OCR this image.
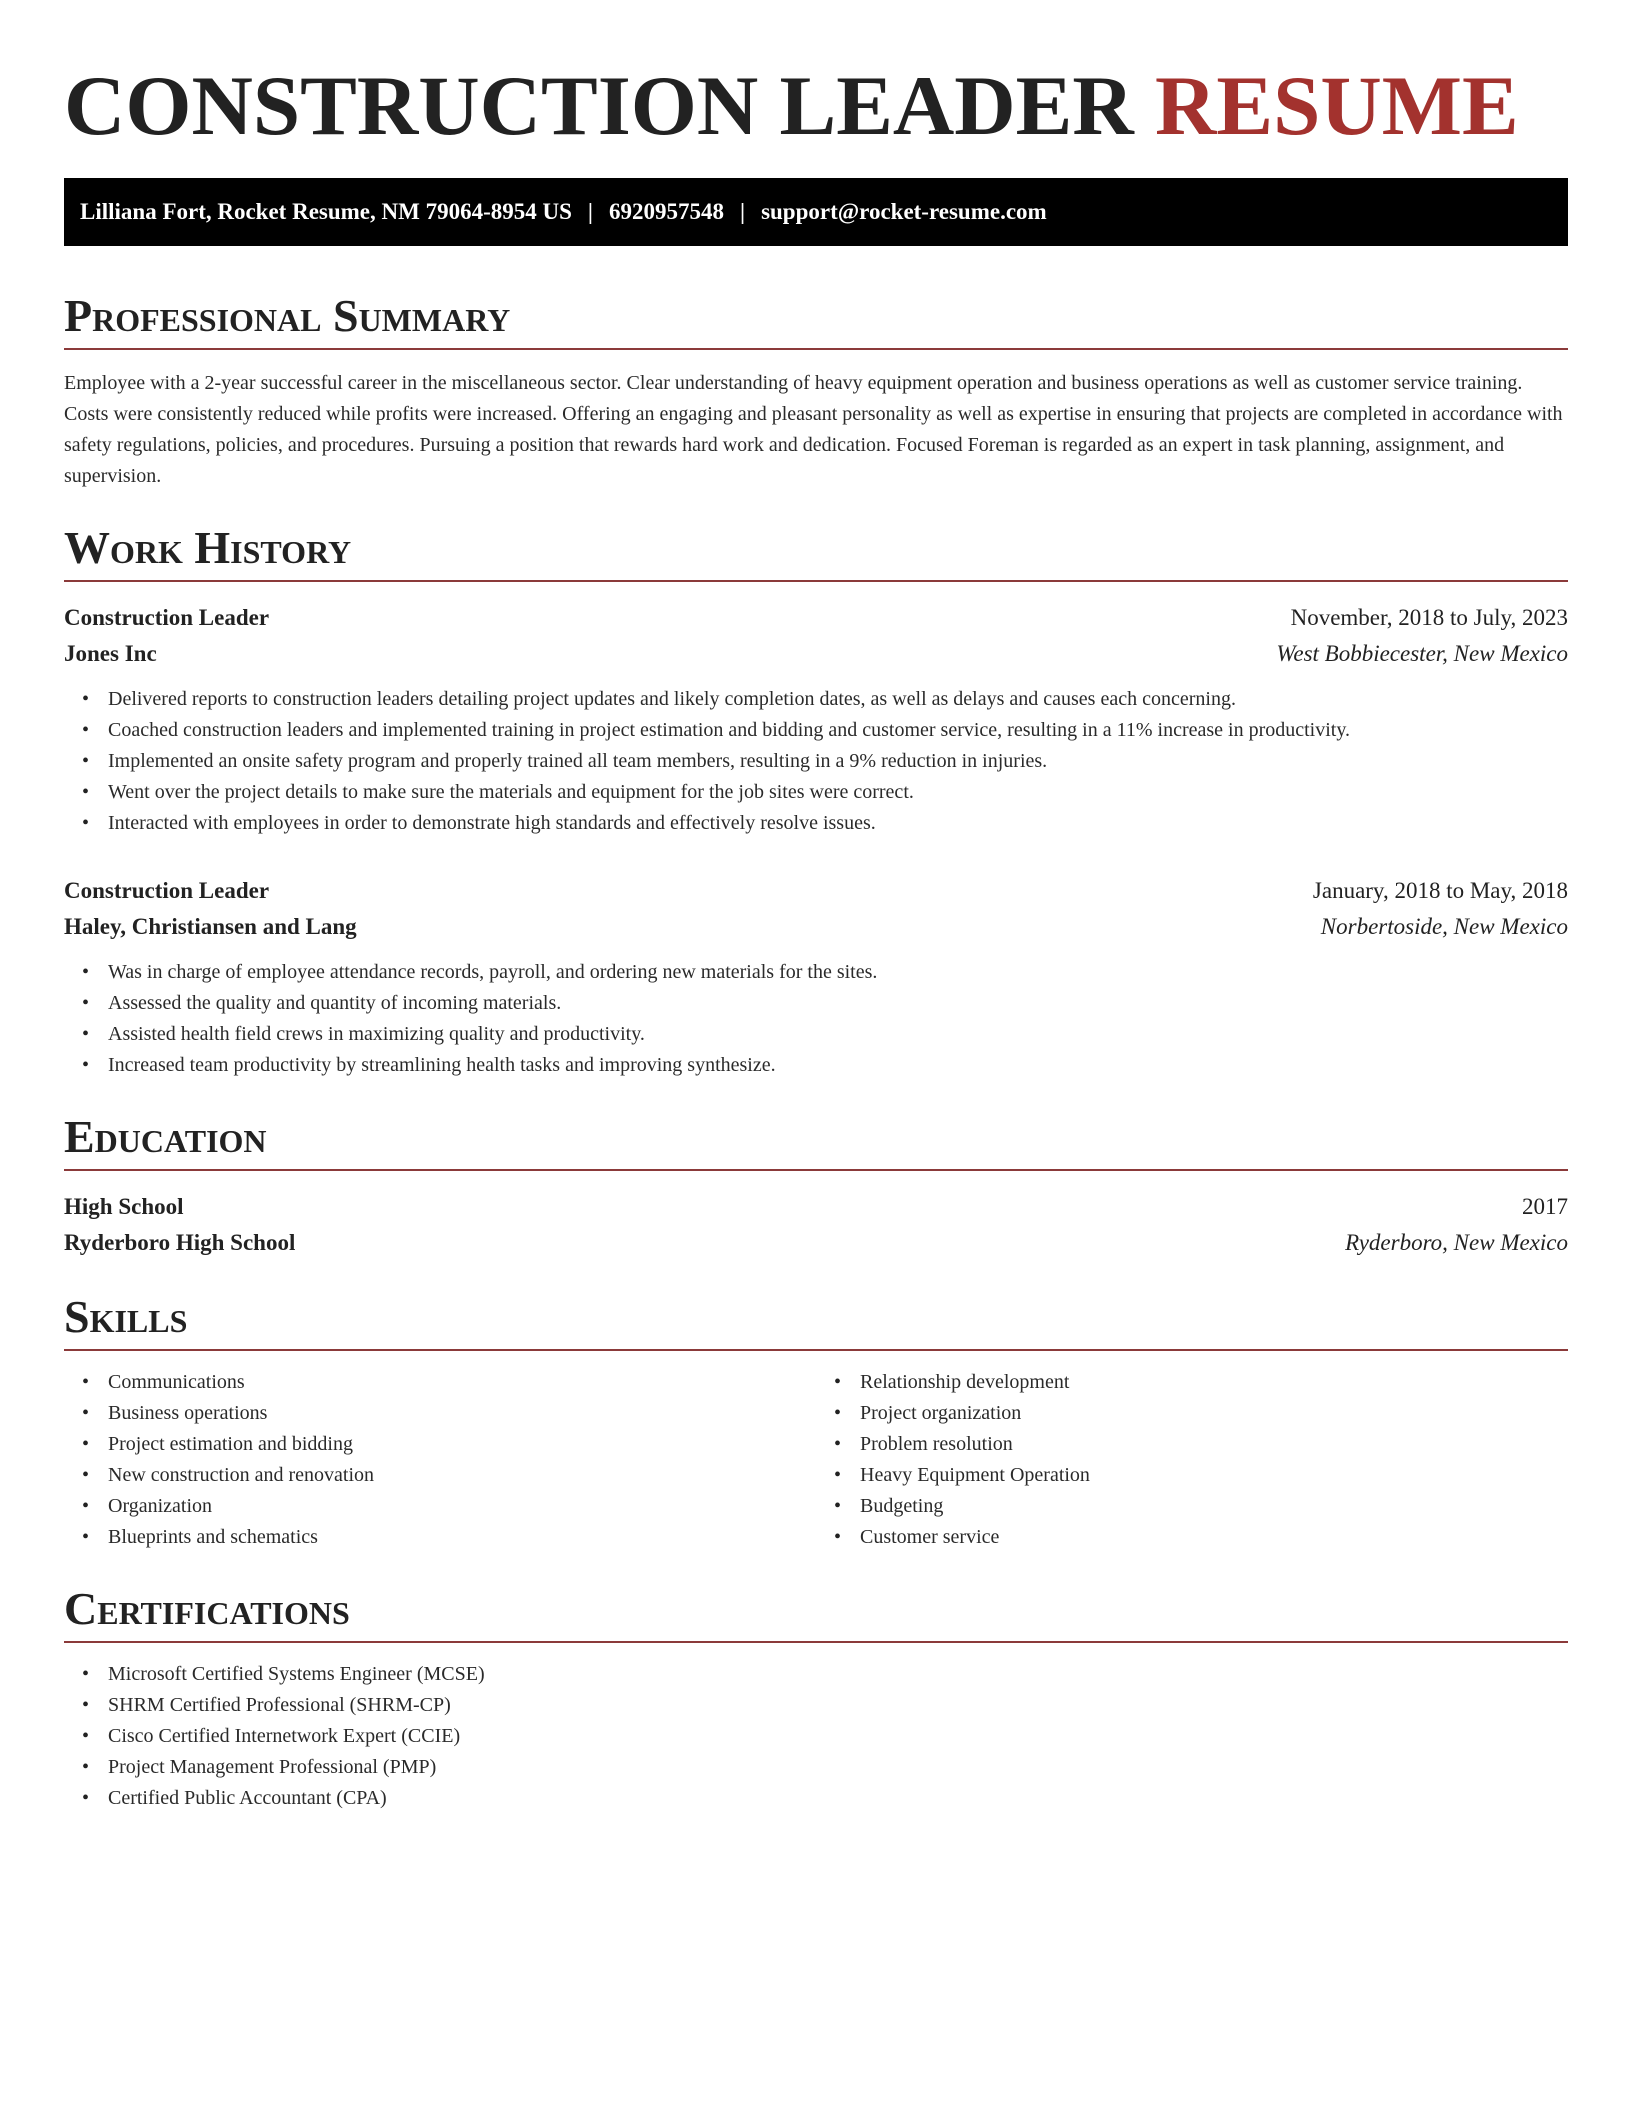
CONSTRUCTION LEADER RESUME
Lilliana Fort, Rocket Resume, NM 79064-8954 US | 6920957548 | support@rocket-resume.com
Professional Summary

Employee with a 2-year successful career in the miscellaneous sector. Clear understanding of heavy equipment operation and business operations as well as customer service training. Costs were consistently reduced while profits were increased. Offering an engaging and pleasant personality as well as expertise in ensuring that projects are completed in accordance with safety regulations, policies, and procedures. Pursuing a position that rewards hard work and dedication. Focused Foreman is regarded as an expert in task planning, assignment, and supervision.

Work History
Construction Leader	November, 2018 to July, 2023
Jones Inc	West Bobbiecester, New Mexico
• Delivered reports to construction leaders detailing project updates and likely completion dates, as well as delays and causes each concerning.
• Coached construction leaders and implemented training in project estimation and bidding and customer service, resulting in a 11% increase in productivity.
• Implemented an onsite safety program and properly trained all team members, resulting in a 9% reduction in injuries.
• Went over the project details to make sure the materials and equipment for the job sites were correct.
• Interacted with employees in order to demonstrate high standards and effectively resolve issues.
Construction Leader	January, 2018 to May, 2018
Haley, Christiansen and Lang	Norbertoside, New Mexico
• Was in charge of employee attendance records, payroll, and ordering new materials for the sites.
• Assessed the quality and quantity of incoming materials.
• Assisted health field crews in maximizing quality and productivity.
• Increased team productivity by streamlining health tasks and improving synthesize.
Education
High School	2017
Ryderboro High School	Ryderboro, New Mexico
Skills
• Communications
• Business operations
• Project estimation and bidding
• New construction and renovation
• Organization
• Blueprints and schematics
• Relationship development
• Project organization
• Problem resolution
• Heavy Equipment Operation
• Budgeting
• Customer service
Certifications
• Microsoft Certified Systems Engineer (MCSE)
• SHRM Certified Professional (SHRM-CP)
• Cisco Certified Internetwork Expert (CCIE)
• Project Management Professional (PMP)
• Certified Public Accountant (CPA)
